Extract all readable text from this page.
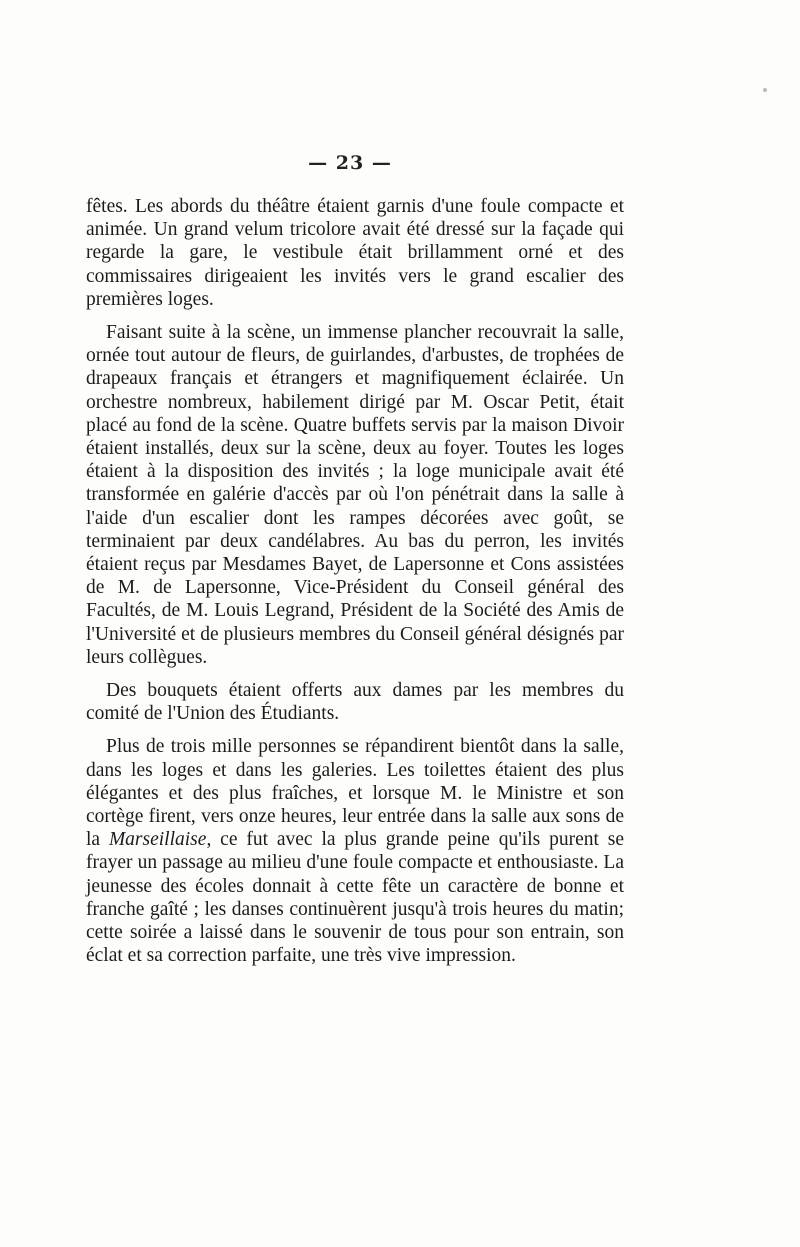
— 23 —

fêtes. Les abords du théâtre étaient garnis d'une foule compacte et animée. Un grand velum tricolore avait été dressé sur la façade qui regarde la gare, le vestibule était brillamment orné et des commissaires dirigeaient les invités vers le grand escalier des premières loges.

Faisant suite à la scène, un immense plancher recouvrait la salle, ornée tout autour de fleurs, de guirlandes, d'arbustes, de trophées de drapeaux français et étrangers et magnifiquement éclairée. Un orchestre nombreux, habilement dirigé par M. Oscar Petit, était placé au fond de la scène. Quatre buffets servis par la maison Divoir étaient installés, deux sur la scène, deux au foyer. Toutes les loges étaient à la disposition des invités ; la loge municipale avait été transformée en galérie d'accès par où l'on pénétrait dans la salle à l'aide d'un escalier dont les rampes décorées avec goût, se terminaient par deux candélabres. Au bas du perron, les invités étaient reçus par Mesdames Bayet, de Lapersonne et Cons assistées de M. de Lapersonne, Vice-Président du Conseil général des Facultés, de M. Louis Legrand, Président de la Société des Amis de l'Université et de plusieurs membres du Conseil général désignés par leurs collègues.

Des bouquets étaient offerts aux dames par les membres du comité de l'Union des Étudiants.

Plus de trois mille personnes se répandirent bientôt dans la salle, dans les loges et dans les galeries. Les toilettes étaient des plus élégantes et des plus fraîches, et lorsque M. le Ministre et son cortège firent, vers onze heures, leur entrée dans la salle aux sons de la Marseillaise, ce fut avec la plus grande peine qu'ils purent se frayer un passage au milieu d'une foule compacte et enthousiaste. La jeunesse des écoles donnait à cette fête un caractère de bonne et franche gaîté ; les danses continuèrent jusqu'à trois heures du matin; cette soirée a laissé dans le souvenir de tous pour son entrain, son éclat et sa correction parfaite, une très vive impression.
